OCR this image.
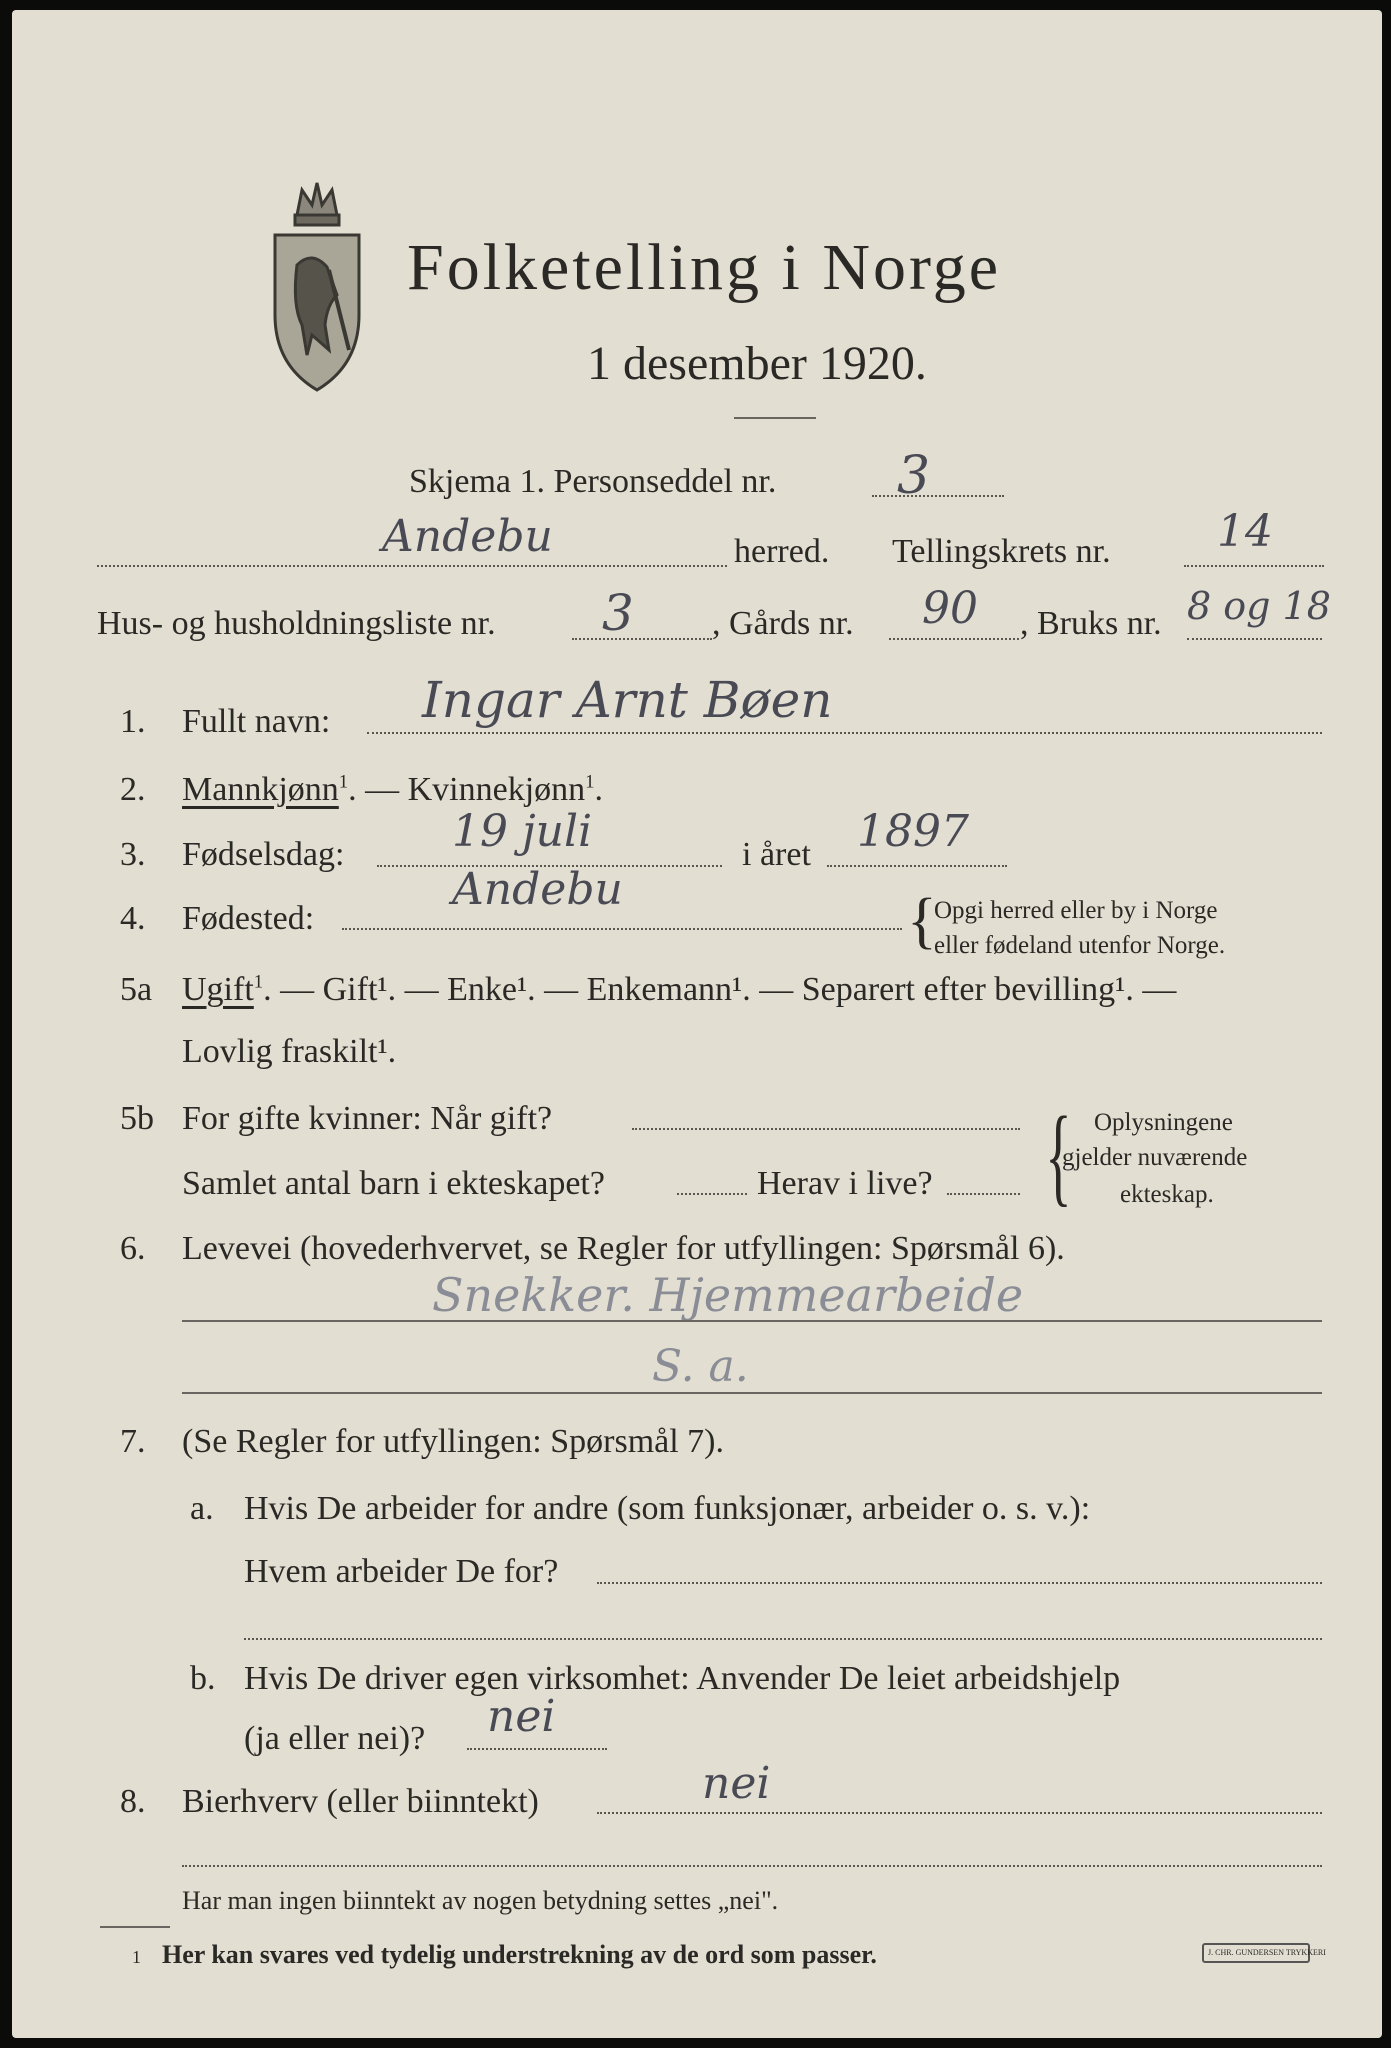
Folketelling i Norge
1 desember 1920.
Skjema 1. Personseddel nr. 3
Andebu	herred. Tellingskrets nr. 14
Hus- og husholdningsliste nr. 3 , Gårds nr. 90 , Bruks nr. 8 og 18
1. Fullt navn: Ingar Arnt Bøen
2. Mannkjønn$^1$. — Kvinnekjønn$^1$.
3. Fødselsdag: 19 juli	i året 1897
4. Fødested:
Andebu	{
Opgi herred eller by i Norge
eller fødeland utenfor Norge.
5a Ugift$^1$. — Gift¹. — Enke¹. — Enkemann¹. — Separert efter bevilling¹. —
Lovlig fraskilt¹.
5b For gifte kvinner: Når gift?
Samlet antal barn i ekteskapet?	Herav i live? { Oplysningene
gjelder nuværende
ekteskap.
6. Levevei (hovederhvervet, se Regler for utfyllingen: Spørsmål 6).
Snekker. Hjemmearbeide
S. a.
7. (Se Regler for utfyllingen: Spørsmål 7).
a. Hvis De arbeider for andre (som funksjonær, arbeider o. s. v.):
Hvem arbeider De for?
b. Hvis De driver egen virksomhet: Anvender De leiet arbeidshjelp
(ja eller nei)? nei
8. Bierhverv (eller biinntekt)	nei
Har man ingen biinntekt av nogen betydning settes „nei".
1 Her kan svares ved tydelig understrekning av de ord som passer.	J. CHR. GUNDERSEN TRYKKERI
